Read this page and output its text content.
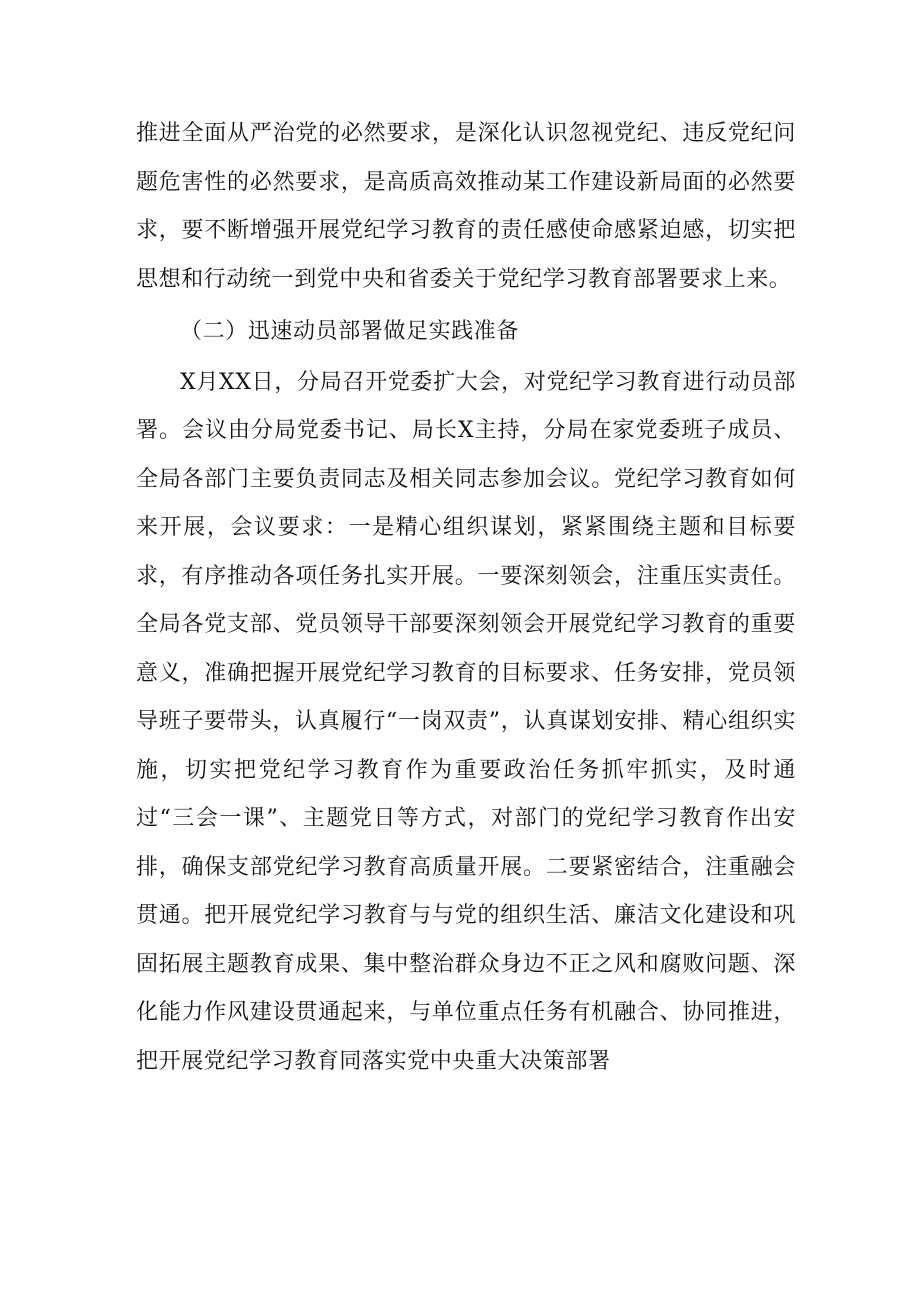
推进全面从严治党的必然要求，是深化认识忽视党纪、违反党纪问题危害性的必然要求，是高质高效推动某工作建设新局面的必然要求，要不断增强开展党纪学习教育的责任感使命感紧迫感，切实把思想和行动统一到党中央和省委关于党纪学习教育部署要求上来。

（二）迅速动员部署做足实践准备

X月XX日，分局召开党委扩大会，对党纪学习教育进行动员部署。会议由分局党委书记、局长X主持，分局在家党委班子成员、全局各部门主要负责同志及相关同志参加会议。党纪学习教育如何来开展，会议要求：一是精心组织谋划，紧紧围绕主题和目标要求，有序推动各项任务扎实开展。一要深刻领会，注重压实责任。全局各党支部、党员领导干部要深刻领会开展党纪学习教育的重要意义，准确把握开展党纪学习教育的目标要求、任务安排，党员领导班子要带头，认真履行“一岗双责”，认真谋划安排、精心组织实施，切实把党纪学习教育作为重要政治任务抓牢抓实，及时通过“三会一课”、主题党日等方式，对部门的党纪学习教育作出安排，确保支部党纪学习教育高质量开展。二要紧密结合，注重融会贯通。把开展党纪学习教育与与党的组织生活、廉洁文化建设和巩固拓展主题教育成果、集中整治群众身边不正之风和腐败问题、深化能力作风建设贯通起来，与单位重点任务有机融合、协同推进，把开展党纪学习教育同落实党中央重大决策部署
